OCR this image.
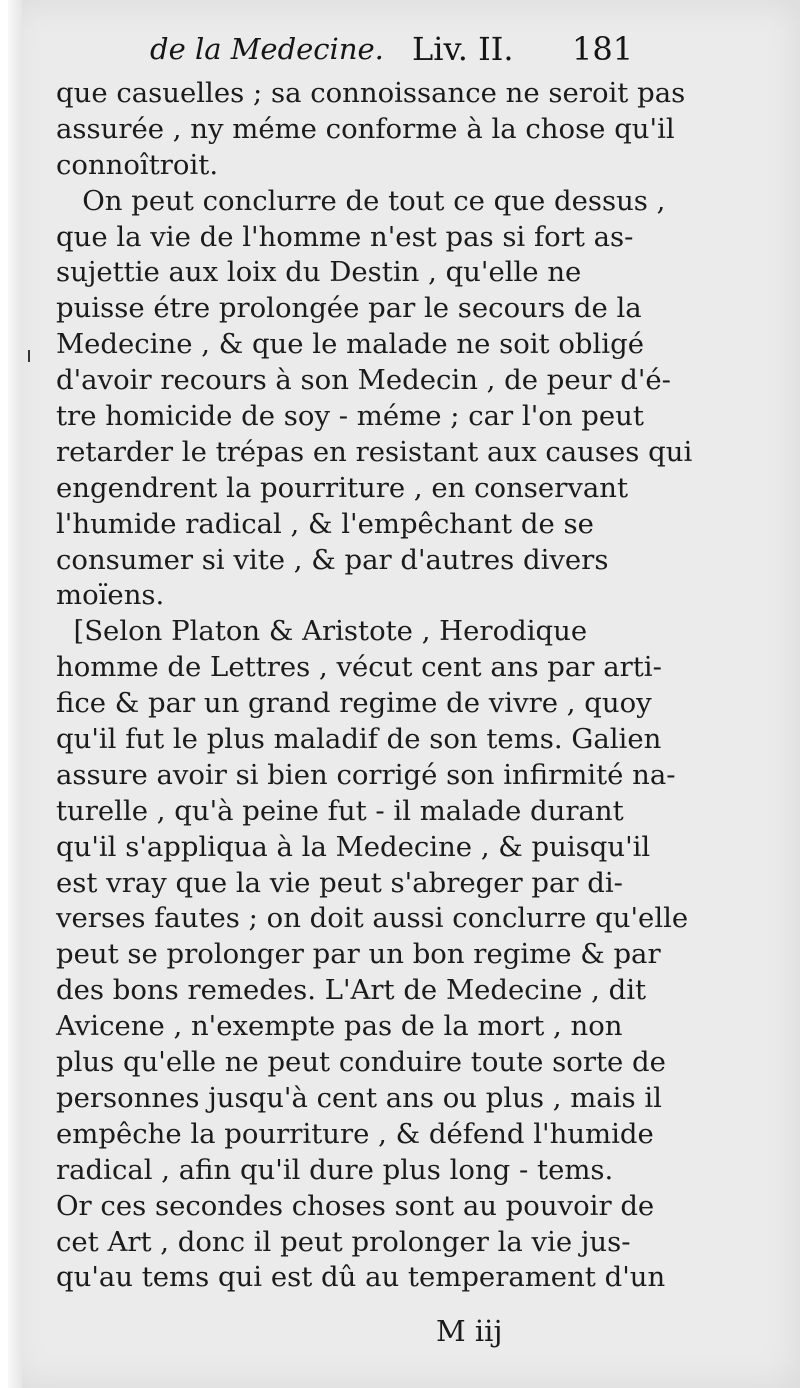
de la Medecine. Liv. II. 181
que casuelles ; sa connoissance ne seroit pas
assurée , ny méme conforme à la chose qu'il
connoîtroit.
On peut conclurre de tout ce que dessus ,
que la vie de l'homme n'est pas si fort as-
sujettie aux loix du Destin , qu'elle ne
puisse étre prolongée par le secours de la
Medecine , & que le malade ne soit obligé
d'avoir recours à son Medecin , de peur d'é-
tre homicide de soy - méme ; car l'on peut
retarder le trépas en resistant aux causes qui
engendrent la pourriture , en conservant
l'humide radical , & l'empêchant de se
consumer si vite , & par d'autres divers
moïens.
[Selon Platon & Aristote , Herodique
homme de Lettres , vécut cent ans par arti-
fice & par un grand regime de vivre , quoy
qu'il fut le plus maladif de son tems. Galien
assure avoir si bien corrigé son infirmité na-
turelle , qu'à peine fut - il malade durant
qu'il s'appliqua à la Medecine , & puisqu'il
est vray que la vie peut s'abreger par di-
verses fautes ; on doit aussi conclurre qu'elle
peut se prolonger par un bon regime & par
des bons remedes. L'Art de Medecine , dit
Avicene , n'exempte pas de la mort , non
plus qu'elle ne peut conduire toute sorte de
personnes jusqu'à cent ans ou plus , mais il
empêche la pourriture , & défend l'humide
radical , afin qu'il dure plus long - tems.
Or ces secondes choses sont au pouvoir de
cet Art , donc il peut prolonger la vie jus-
qu'au tems qui est dû au temperament d'un
M iij
